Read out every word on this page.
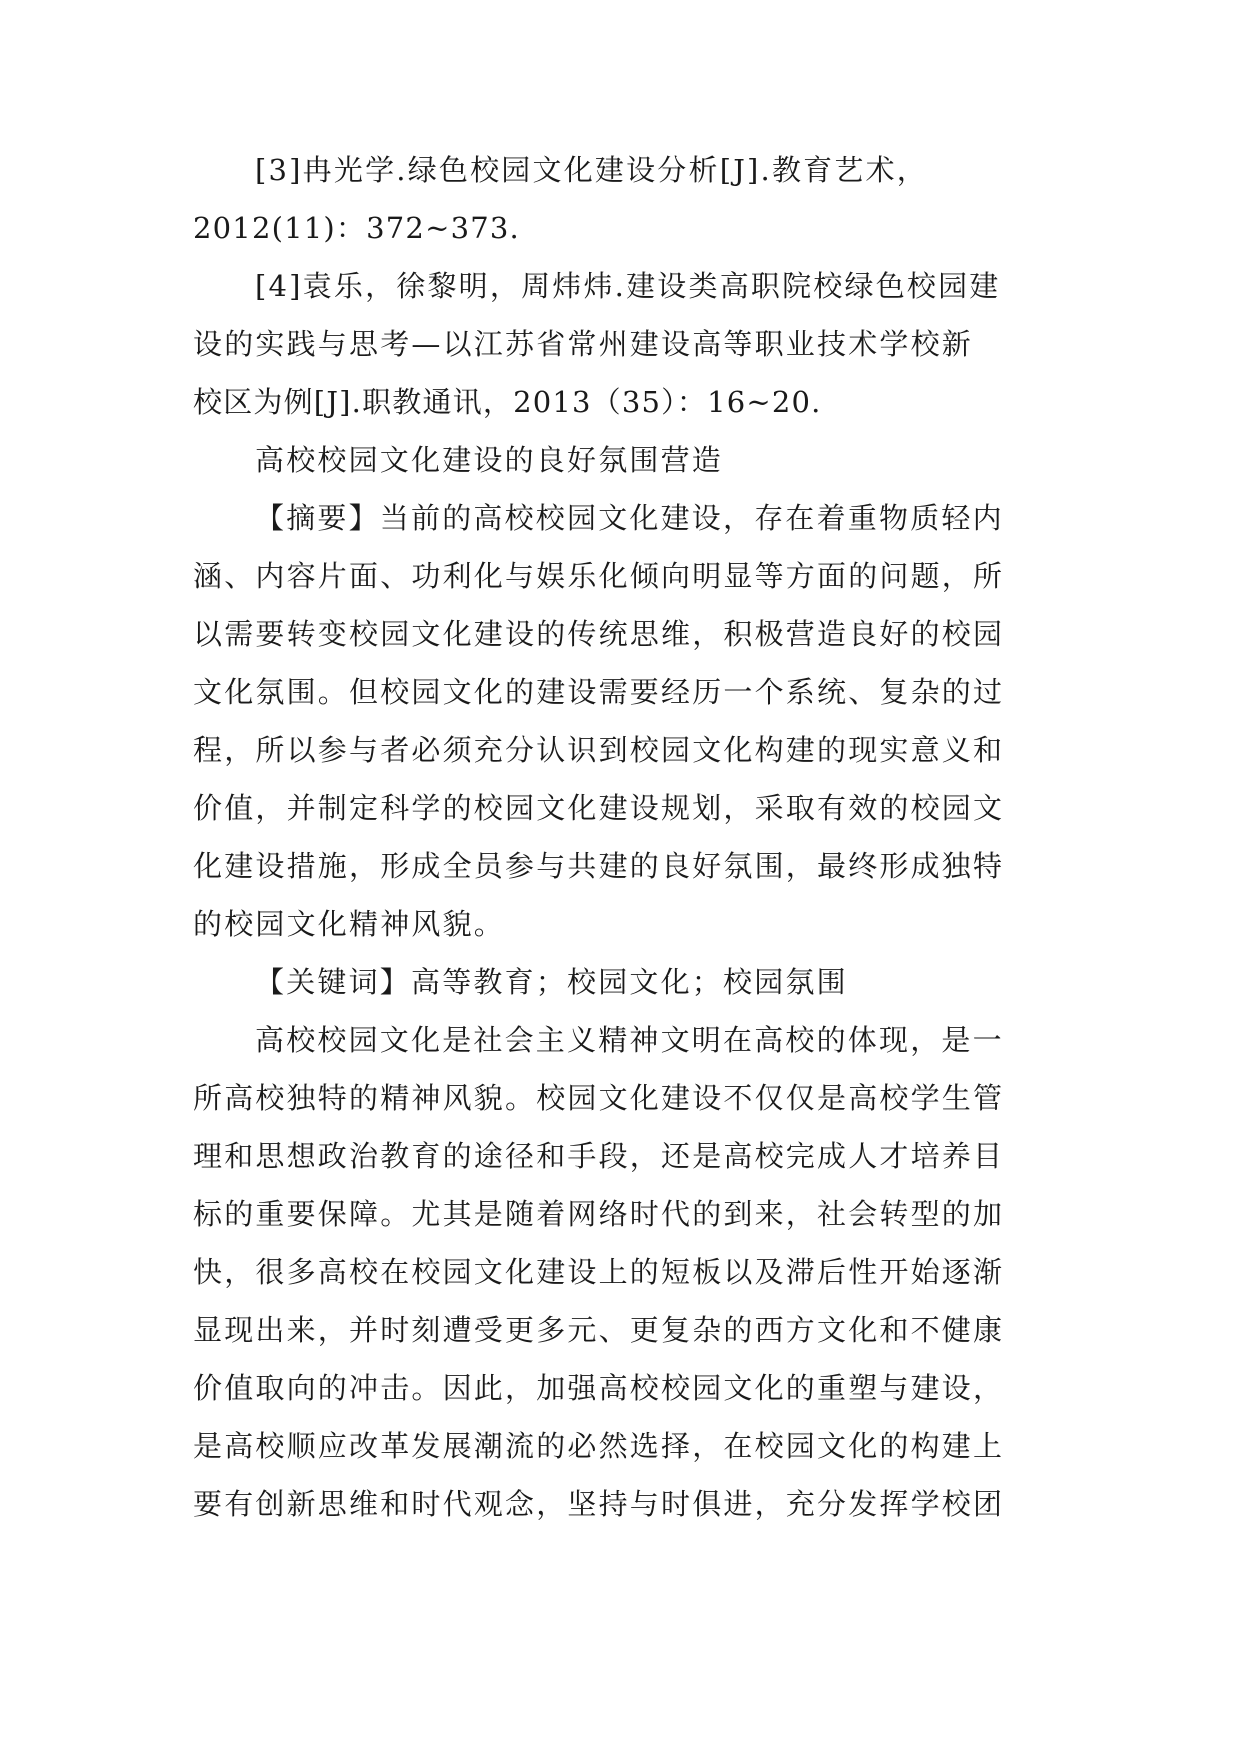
[3]冉光学.绿色校园文化建设分析[J].教育艺术，
2012(11)：372~373.
[4]袁乐，徐黎明，周炜炜.建设类高职院校绿色校园建
设的实践与思考—以江苏省常州建设高等职业技术学校新
校区为例[J].职教通讯，2013（35）：16~20.
高校校园文化建设的良好氛围营造
【摘要】当前的高校校园文化建设，存在着重物质轻内
涵、内容片面、功利化与娱乐化倾向明显等方面的问题，所
以需要转变校园文化建设的传统思维，积极营造良好的校园
文化氛围。但校园文化的建设需要经历一个系统、复杂的过
程，所以参与者必须充分认识到校园文化构建的现实意义和
价值，并制定科学的校园文化建设规划，采取有效的校园文
化建设措施，形成全员参与共建的良好氛围，最终形成独特
的校园文化精神风貌。
【关键词】高等教育；校园文化；校园氛围
高校校园文化是社会主义精神文明在高校的体现，是一
所高校独特的精神风貌。校园文化建设不仅仅是高校学生管
理和思想政治教育的途径和手段，还是高校完成人才培养目
标的重要保障。尤其是随着网络时代的到来，社会转型的加
快，很多高校在校园文化建设上的短板以及滞后性开始逐渐
显现出来，并时刻遭受更多元、更复杂的西方文化和不健康
价值取向的冲击。因此，加强高校校园文化的重塑与建设，
是高校顺应改革发展潮流的必然选择，在校园文化的构建上
要有创新思维和时代观念，坚持与时俱进，充分发挥学校团
